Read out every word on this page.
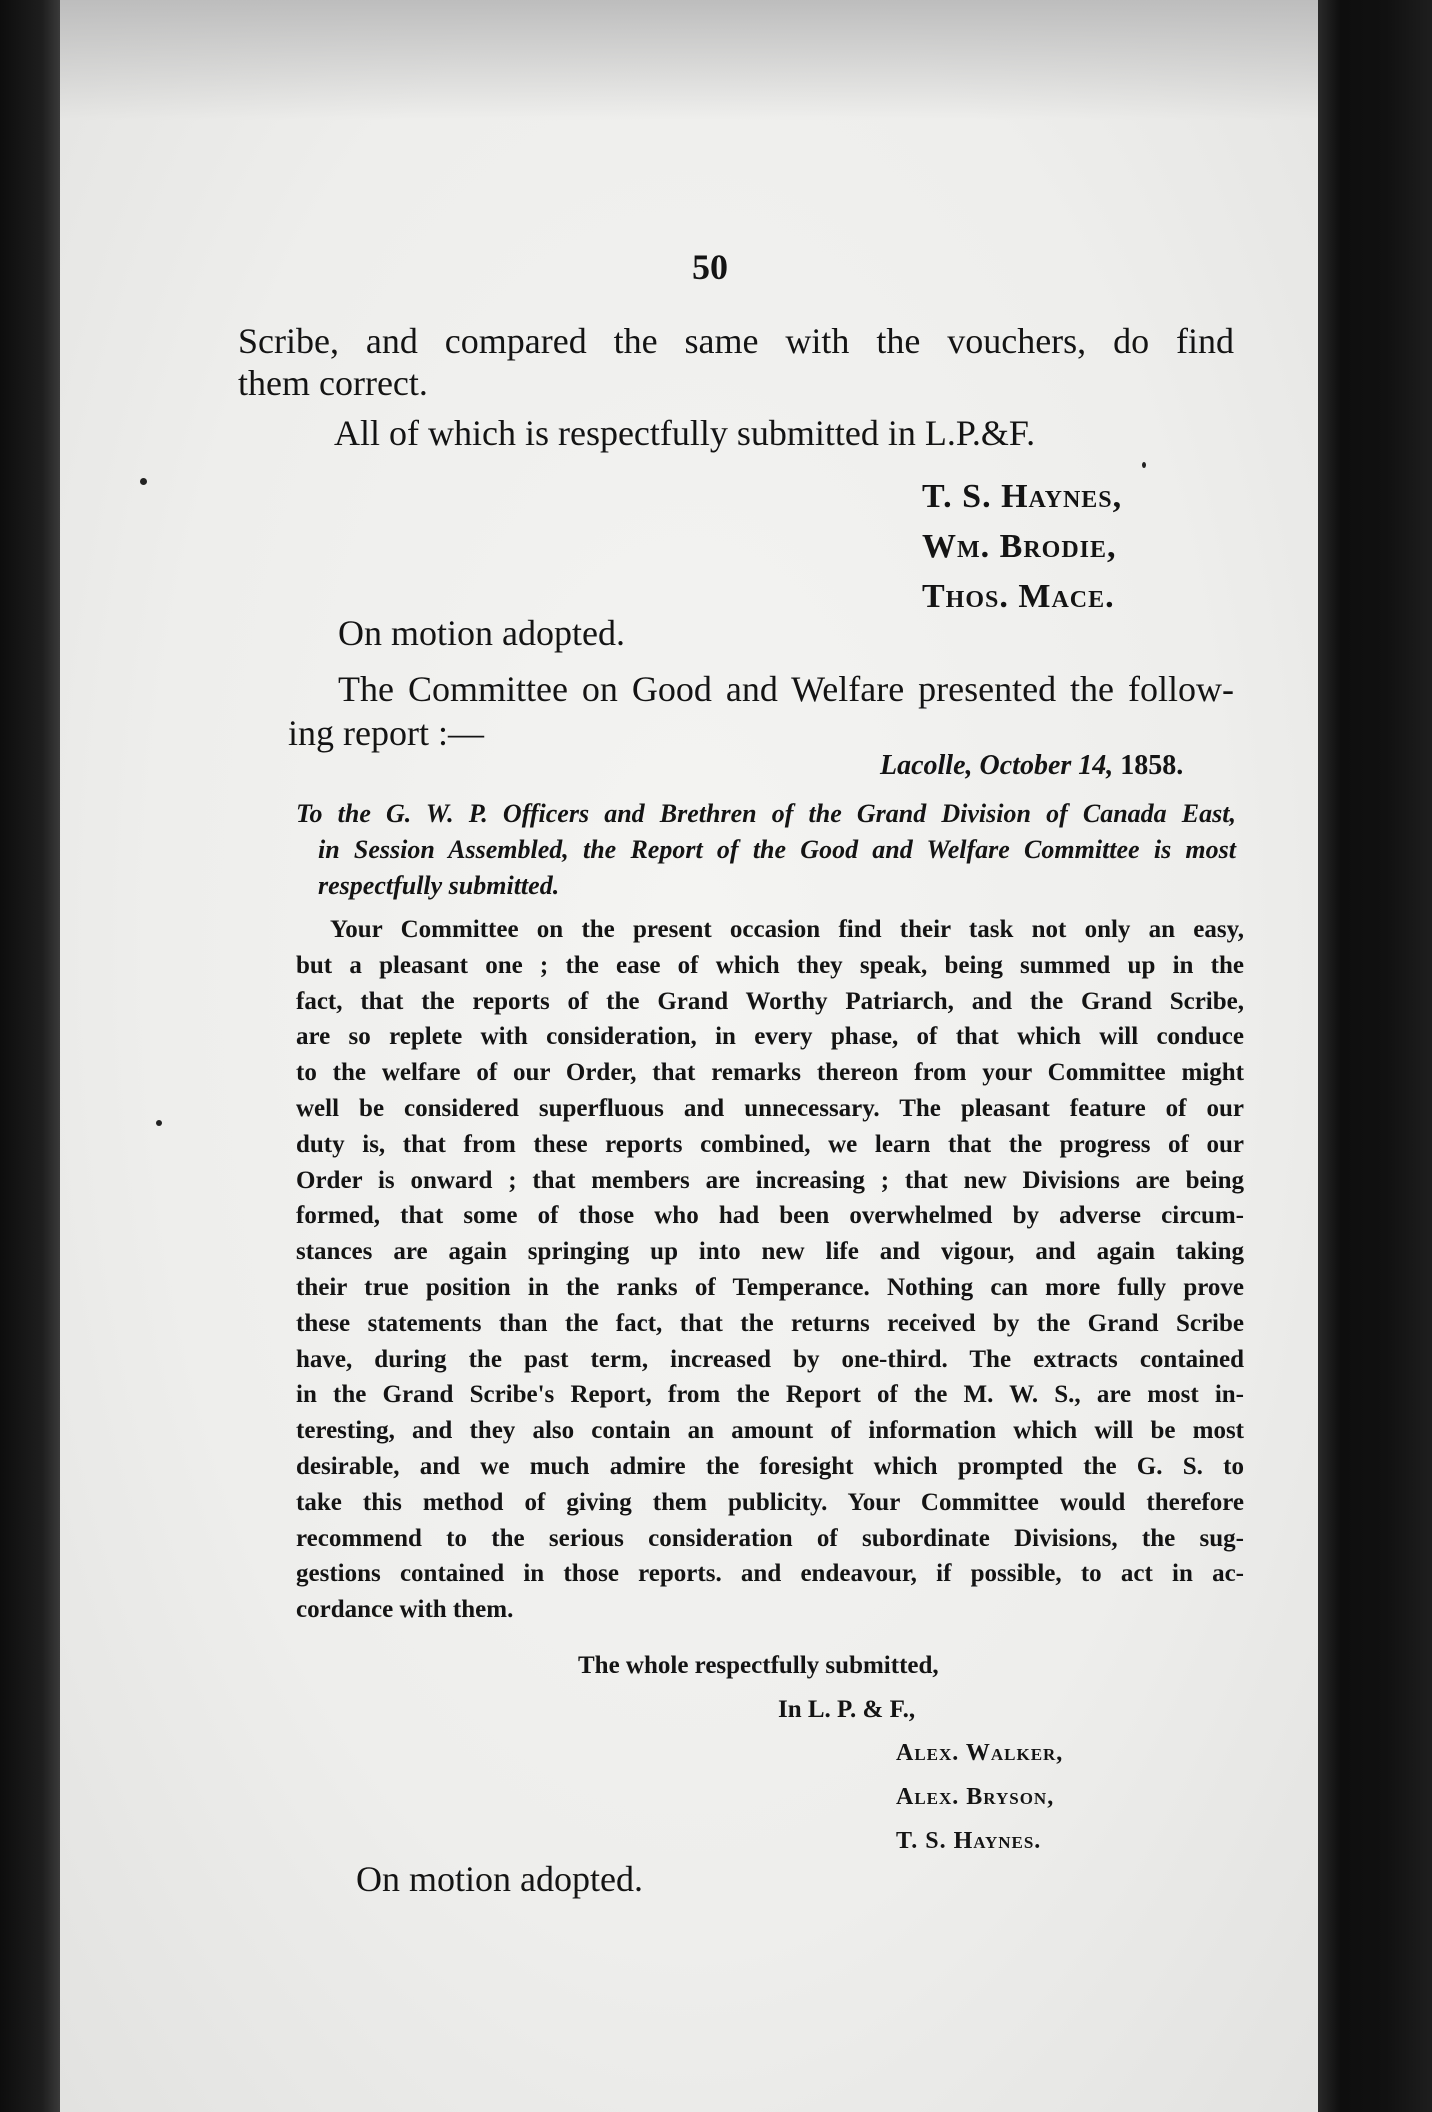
50

Scribe, and compared the same with the vouchers, do find

them correct.

All of which is respectfully submitted in L.P.&F.

T. S. Haynes,

Wm. Brodie,

Thos. Mace.

On motion adopted.

The Committee on Good and Welfare presented the follow-

ing report :—

Lacolle, October 14, 1858.

To the G. W. P. Officers and Brethren of the Grand Division of Canada East,

in Session Assembled, the Report of the Good and Welfare Committee is most

respectfully submitted.

Your Committee on the present occasion find their task not only an easy,
but a pleasant one ; the ease of which they speak, being summed up in the
fact, that the reports of the Grand Worthy Patriarch, and the Grand Scribe,
are so replete with consideration, in every phase, of that which will conduce
to the welfare of our Order, that remarks thereon from your Committee might
well be considered superfluous and unnecessary. The pleasant feature of our
duty is, that from these reports combined, we learn that the progress of our
Order is onward ; that members are increasing ; that new Divisions are being
formed, that some of those who had been overwhelmed by adverse circum-
stances are again springing up into new life and vigour, and again taking
their true position in the ranks of Temperance. Nothing can more fully prove
these statements than the fact, that the returns received by the Grand Scribe
have, during the past term, increased by one-third. The extracts contained
in the Grand Scribe's Report, from the Report of the M. W. S., are most in-
teresting, and they also contain an amount of information which will be most
desirable, and we much admire the foresight which prompted the G. S. to
take this method of giving them publicity. Your Committee would therefore
recommend to the serious consideration of subordinate Divisions, the sug-
gestions contained in those reports. and endeavour, if possible, to act in ac-
cordance with them.

The whole respectfully submitted,

In L. P. & F.,

Alex. Walker,

Alex. Bryson,

T. S. Haynes.

On motion adopted.
